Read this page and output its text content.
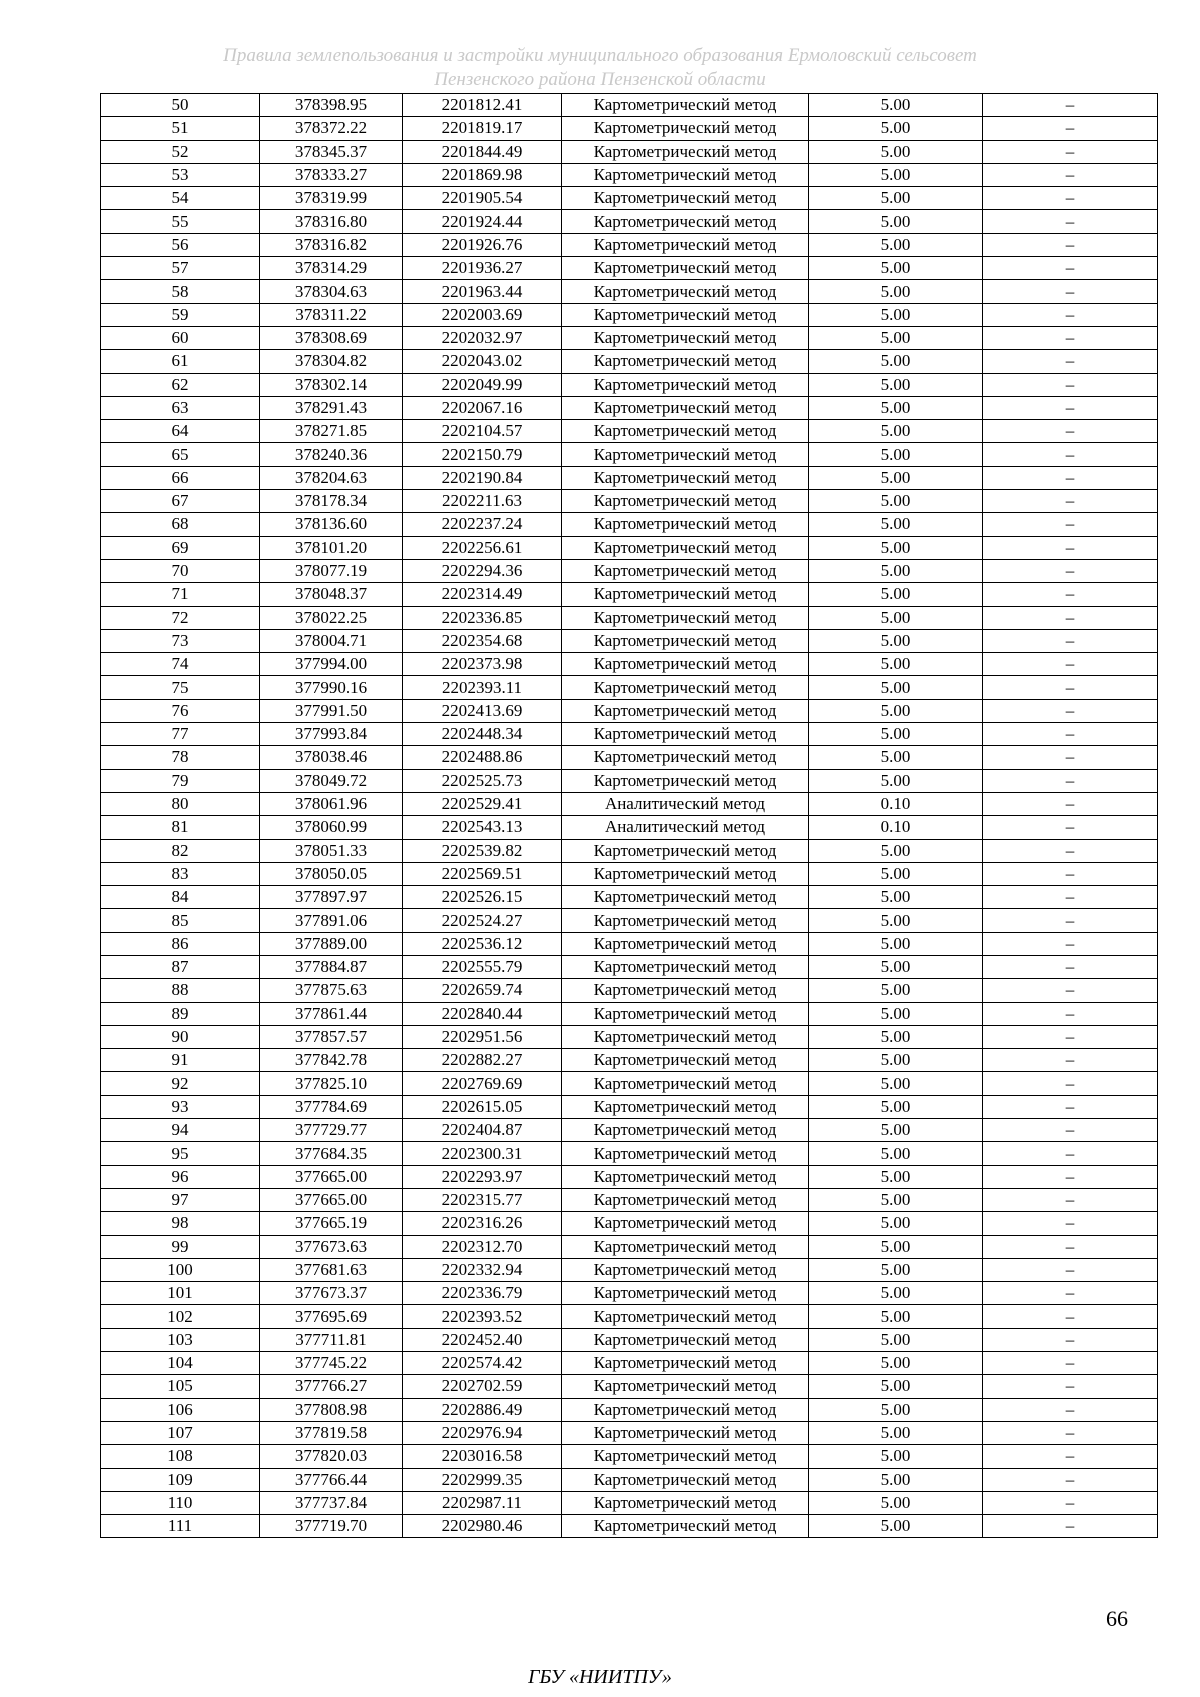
Правила землепользования и застройки муниципального образования Ермоловский сельсовет
Пензенского района Пензенской области
50	378398.95	2201812.41	Картометрический метод	5.00	–
51	378372.22	2201819.17	Картометрический метод	5.00	–
52	378345.37	2201844.49	Картометрический метод	5.00	–
53	378333.27	2201869.98	Картометрический метод	5.00	–
54	378319.99	2201905.54	Картометрический метод	5.00	–
55	378316.80	2201924.44	Картометрический метод	5.00	–
56	378316.82	2201926.76	Картометрический метод	5.00	–
57	378314.29	2201936.27	Картометрический метод	5.00	–
58	378304.63	2201963.44	Картометрический метод	5.00	–
59	378311.22	2202003.69	Картометрический метод	5.00	–
60	378308.69	2202032.97	Картометрический метод	5.00	–
61	378304.82	2202043.02	Картометрический метод	5.00	–
62	378302.14	2202049.99	Картометрический метод	5.00	–
63	378291.43	2202067.16	Картометрический метод	5.00	–
64	378271.85	2202104.57	Картометрический метод	5.00	–
65	378240.36	2202150.79	Картометрический метод	5.00	–
66	378204.63	2202190.84	Картометрический метод	5.00	–
67	378178.34	2202211.63	Картометрический метод	5.00	–
68	378136.60	2202237.24	Картометрический метод	5.00	–
69	378101.20	2202256.61	Картометрический метод	5.00	–
70	378077.19	2202294.36	Картометрический метод	5.00	–
71	378048.37	2202314.49	Картометрический метод	5.00	–
72	378022.25	2202336.85	Картометрический метод	5.00	–
73	378004.71	2202354.68	Картометрический метод	5.00	–
74	377994.00	2202373.98	Картометрический метод	5.00	–
75	377990.16	2202393.11	Картометрический метод	5.00	–
76	377991.50	2202413.69	Картометрический метод	5.00	–
77	377993.84	2202448.34	Картометрический метод	5.00	–
78	378038.46	2202488.86	Картометрический метод	5.00	–
79	378049.72	2202525.73	Картометрический метод	5.00	–
80	378061.96	2202529.41	Аналитический метод	0.10	–
81	378060.99	2202543.13	Аналитический метод	0.10	–
82	378051.33	2202539.82	Картометрический метод	5.00	–
83	378050.05	2202569.51	Картометрический метод	5.00	–
84	377897.97	2202526.15	Картометрический метод	5.00	–
85	377891.06	2202524.27	Картометрический метод	5.00	–
86	377889.00	2202536.12	Картометрический метод	5.00	–
87	377884.87	2202555.79	Картометрический метод	5.00	–
88	377875.63	2202659.74	Картометрический метод	5.00	–
89	377861.44	2202840.44	Картометрический метод	5.00	–
90	377857.57	2202951.56	Картометрический метод	5.00	–
91	377842.78	2202882.27	Картометрический метод	5.00	–
92	377825.10	2202769.69	Картометрический метод	5.00	–
93	377784.69	2202615.05	Картометрический метод	5.00	–
94	377729.77	2202404.87	Картометрический метод	5.00	–
95	377684.35	2202300.31	Картометрический метод	5.00	–
96	377665.00	2202293.97	Картометрический метод	5.00	–
97	377665.00	2202315.77	Картометрический метод	5.00	–
98	377665.19	2202316.26	Картометрический метод	5.00	–
99	377673.63	2202312.70	Картометрический метод	5.00	–
100	377681.63	2202332.94	Картометрический метод	5.00	–
101	377673.37	2202336.79	Картометрический метод	5.00	–
102	377695.69	2202393.52	Картометрический метод	5.00	–
103	377711.81	2202452.40	Картометрический метод	5.00	–
104	377745.22	2202574.42	Картометрический метод	5.00	–
105	377766.27	2202702.59	Картометрический метод	5.00	–
106	377808.98	2202886.49	Картометрический метод	5.00	–
107	377819.58	2202976.94	Картометрический метод	5.00	–
108	377820.03	2203016.58	Картометрический метод	5.00	–
109	377766.44	2202999.35	Картометрический метод	5.00	–
110	377737.84	2202987.11	Картометрический метод	5.00	–
111	377719.70	2202980.46	Картометрический метод	5.00	–
66
ГБУ «НИИТПУ»
